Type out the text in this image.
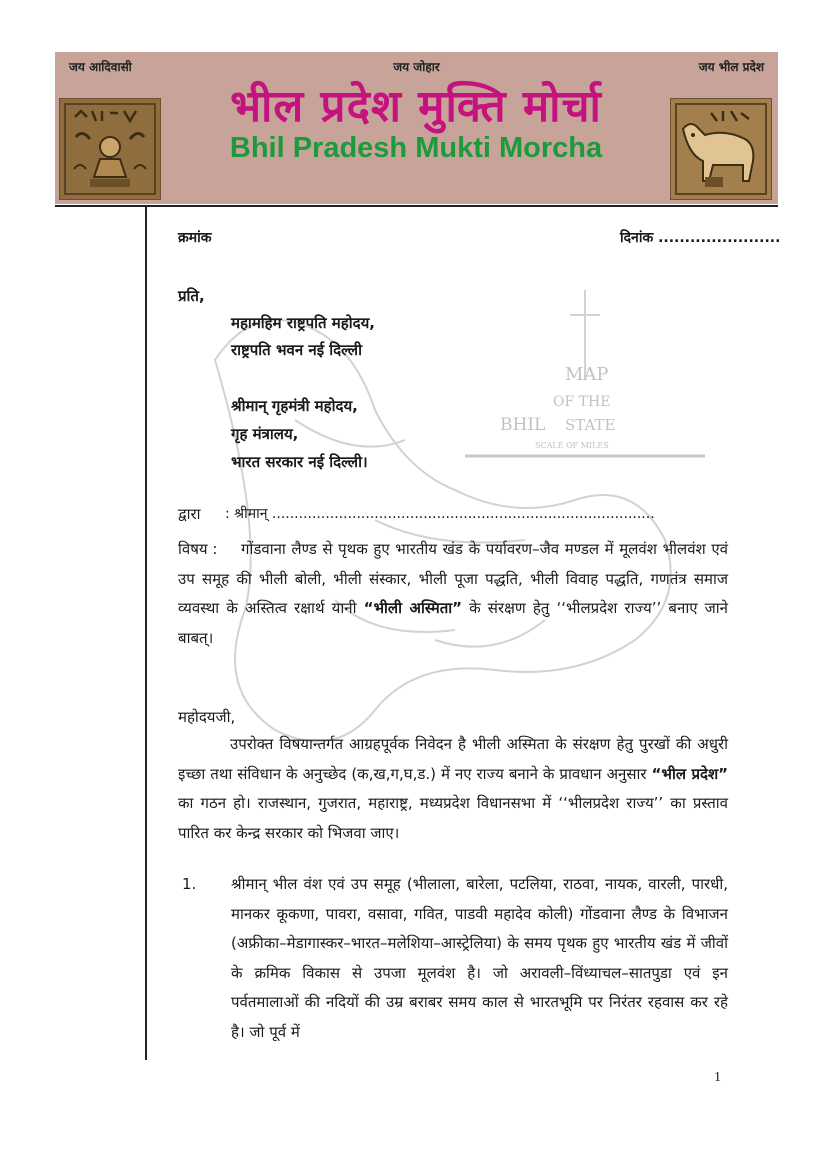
जय आदिवासी	जय जोहार	जय भील प्रदेश
भील प्रदेश मुक्ति मोर्चा
Bhil Pradesh Mukti Morcha
MAP
OF THE
BHIL STATE
SCALE OF MILES
क्रमांक	दिनांक .......................
प्रति,
महामहिम राष्ट्रपति महोदय,
राष्ट्रपति भवन नई दिल्ली
श्रीमान् गृहमंत्री महोदय,
गृह मंत्रालय,
भारत सरकार नई दिल्ली।
द्वारा : श्रीमान् ......................................................................................
विषय :	गोंडवाना लैण्ड से पृथक हुए भारतीय खंड के पर्यावरण–जैव मण्डल में मूलवंश भीलवंश एवं उप समूह की भीली बोली, भीली संस्कार, भीली पूजा पद्धति, भीली विवाह पद्धति, गणतंत्र समाज व्यवस्था के अस्तित्व रक्षार्थ यानी “भीली अस्मिता” के संरक्षण हेतु ‘‘भीलप्रदेश राज्य’’ बनाए जाने बाबत्।
महोदयजी,
उपरोक्त विषयान्तर्गत आग्रहपूर्वक निवेदन है भीली अस्मिता के संरक्षण हेतु पुरखों की अधुरी इच्छा तथा संविधान के अनुच्छेद (क,ख,ग,घ,ड.) में नए राज्य बनाने के प्रावधान अनुसार “भील प्रदेश” का गठन हो। राजस्थान, गुजरात, महाराष्ट्र, मध्यप्रदेश विधानसभा में ‘‘भीलप्रदेश राज्य’’ का प्रस्ताव पारित कर केन्द्र सरकार को भिजवा जाए।
1. श्रीमान् भील वंश एवं उप समूह (भीलाला, बारेला, पटलिया, राठवा, नायक, वारली, पारधी, मानकर कूकणा, पावरा, वसावा, गवित, पाडवी महादेव कोली) गोंडवाना लैण्ड के विभाजन (अफ्रीका–मेडागास्कर–भारत–मलेशिया–आस्ट्रेलिया) के समय पृथक हुए भारतीय खंड में जीवों के क्रमिक विकास से उपजा मूलवंश है। जो अरावली–विंध्याचल–सातपुडा एवं इन पर्वतमालाओं की नदियों की उम्र बराबर समय काल से भारतभूमि पर निरंतर रहवास कर रहे है। जो पूर्व में
1
